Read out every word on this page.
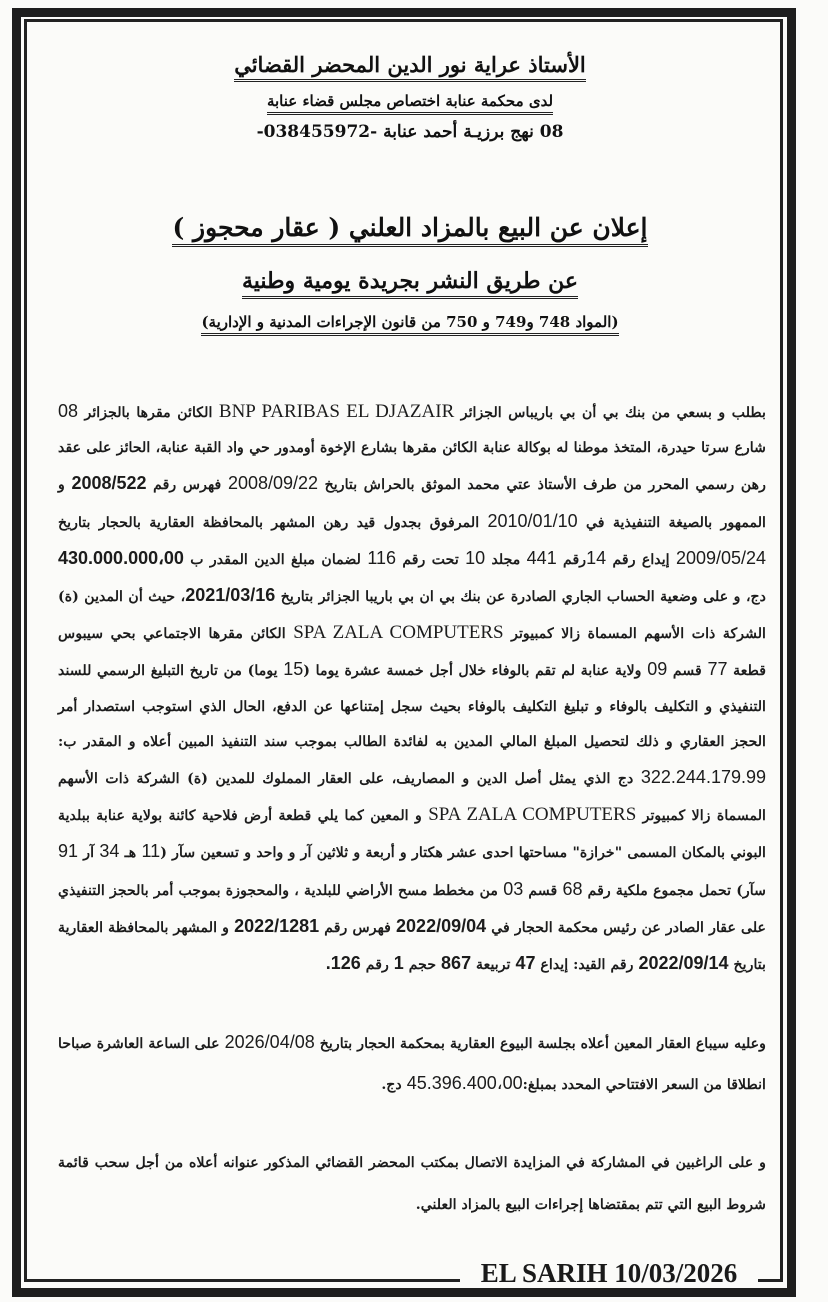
الأستاذ عراية نور الدين المحضر القضائي
لدى محكمة عنابة اختصاص مجلس قضاء عنابة
08 نهج برزيـة أحمد عنابة -038455972-
إعلان عن البيع بالمزاد العلني ( عقار محجوز )
عن طريق النشر بجريدة يومية وطنية
(المواد 748 و749 و 750 من قانون الإجراءات المدنية و الإدارية)
بطلب و بسعي من بنك بي أن بي باريباس الجزائر BNP PARIBAS EL DJAZAIR الكائن مقرها بالجزائر 08 شارع سرتا حيدرة، المتخذ موطنا له بوكالة عنابة الكائن مقرها بشارع الإخوة أومدور حي واد القبة عنابة، الحائز على عقد رهن رسمي المحرر من طرف الأستاذ عتي محمد الموثق بالحراش بتاريخ 2008/09/22 فهرس رقم 2008/522 و الممهور بالصيغة التنفيذية في 2010/01/10 المرفوق بجدول قيد رهن المشهر بالمحافظة العقارية بالحجار بتاريخ 2009/05/24 إيداع رقم 14رقم 441 مجلد 10 تحت رقم 116 لضمان مبلغ الدين المقدر ب 430.000.000،00 دج، و على وضعية الحساب الجاري الصادرة عن بنك بي ان بي باريبا الجزائر بتاريخ 2021/03/16، حيث أن المدين (ة) الشركة ذات الأسهم المسماة زالا كمبيوتر SPA ZALA COMPUTERS الكائن مقرها الاجتماعي بحي سيبوس قطعة 77 قسم 09 ولاية عنابة لم تقم بالوفاء خلال أجل خمسة عشرة يوما (15 يوما) من تاريخ التبليغ الرسمي للسند التنفيذي و التكليف بالوفاء و تبليغ التكليف بالوفاء بحيث سجل إمتناعها عن الدفع، الحال الذي استوجب استصدار أمر الحجز العقاري و ذلك لتحصيل المبلغ المالي المدين به لفائدة الطالب بموجب سند التنفيذ المبين أعلاه و المقدر ب: 322.244.179.99 دج الذي يمثل أصل الدين و المصاريف، على العقار المملوك للمدين (ة) الشركة ذات الأسهم المسماة زالا كمبيوتر SPA ZALA COMPUTERS و المعين كما يلي قطعة أرض فلاحية كائنة بولاية عنابة ببلدية البوني بالمكان المسمى "خرازة" مساحتها احدى عشر هكتار و أربعة و ثلاثين آر و واحد و تسعين سآر (11 هـ 34 آر 91 سآر) تحمل مجموع ملكية رقم 68 قسم 03 من مخطط مسح الأراضي للبلدية ، والمحجوزة بموجب أمر بالحجز التنفيذي على عقار الصادر عن رئيس محكمة الحجار في 2022/09/04 فهرس رقم 2022/1281 و المشهر بالمحافظة العقارية بتاريخ 2022/09/14 رقم القيد: إيداع 47 تربيعة 867 حجم 1 رقم 126.
وعليه سيباع العقار المعين أعلاه بجلسة البيوع العقارية بمحكمة الحجار بتاريخ 2026/04/08 على الساعة العاشرة صباحا انطلاقا من السعر الافتتاحي المحدد بمبلغ:45.396.400،00 دج.
و على الراغبين في المشاركة في المزايدة الاتصال بمكتب المحضر القضائي المذكور عنوانه أعلاه من أجل سحب قائمة شروط البيع التي تتم بمقتضاها إجراءات البيع بالمزاد العلني.
EL SARIH 10/03/2026
